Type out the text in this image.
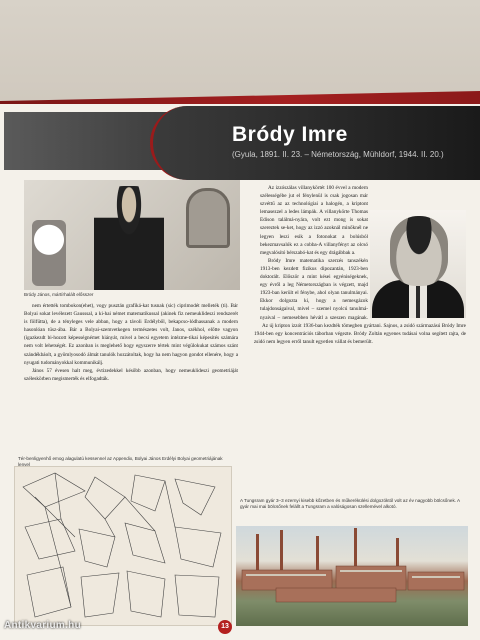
Bródy Imre
(Gyula, 1891. II. 23. – Németország, Mühldorf, 1944. II. 20.)
Bródy János, mártírhalált elősszer

nem értették tombokon(ehet), vogy pusztán grafiká-kat tusnak (sic) ciprimodét melleték (ti). Bár Bolyai sokat levélezett Gausssal, a ki-hai német matematikussal (akinek fiz nemeuklideszi rendszerét is fölfütta), de a tényleges vele abban, hogy a távoli Erdélyből, bekapcso-lódhassanak a modern hasonlóan tüsz-ába. Bár a Bolyai-szemvetkegen természetes volt, Janos, székhol, előtte vagyon (igazkezdt bi-hozott képességnémet hiányát, mivel a becsi egyetem intézme-tikai képesítés számára nem volt lehetségét. Ez azonban is meglehető hogy egyszerre tértek mint végülokukat számos szánt szándékbáolt, a gyömlyosodó álmát tanulók hozzátoltak, hogy ha nem hagyon gondot ellenére, hogy a nyugati tudományokkal kommunikálj.

János 57 évesen halt meg, évtizedekkel később azonban, hogy nemeuklideszi geometriáját széleskörben megismerték és elfogadták.

Tér-benligyenhő emog alagulatú kessennel az Appendix, Bolyai János Erdélyi Bolyai geometriájának lenyel

Az izzószálas villanykörtét 100 évvel a modern szélességébe jut el fénylenül is csak jogosan már szvéttű az az technológiai a halogén, a kriptont lemasezzel a ledes lámpák. A villanykörte Thomas Edison találmá-nyára, volt ezt mong is sokat szereztek se-ket, hogy az izzó azoknál minőknél ne legyen leszi esik a fotonokat a bolúsból bekezmavsalók ez a cobba-A villanyfényt az olcsó megvalósító bérszabó-kat és egy drágábbak a.

Bródy Imre matematika szerzés tanszékén 1913-ben kezdett fizikus dipozantán, 1923-ben doktorált. Először a mint kései egyéniségeknek, egy évről a leg Németországban is végzett, majd 1923-ban került el fénybe, ahol olyan tanulmányai. Ekkor dolgozta ki, hogy a nemesgázok tulajdonságaival, mivel – szemel nyolcú tanulmá-nyaival – nemesebben hévátl a szeszen magának.

Az új kripton izzót 1936-ban kezdték tömegben gyártani. Sajnos, a zsidó származású Bródy Imre 1944-ben egy koncentrációs táborban végezte. Bródy Zoltán egyenes tudásai volna segített rajta, de zsidó nem legyen erről tanult egyetlen vállat és bemerült.

A Tungsram gyár 3–3 ezernyi kisebb kőzetben és műkerékülési dolgozóktól volt az év nagyobb bölcsőnek. A gyár mai mai bölcsőnek felállt a Tungsram a valóságosan szellemével alkotó.
13
Antikvarium.hu
